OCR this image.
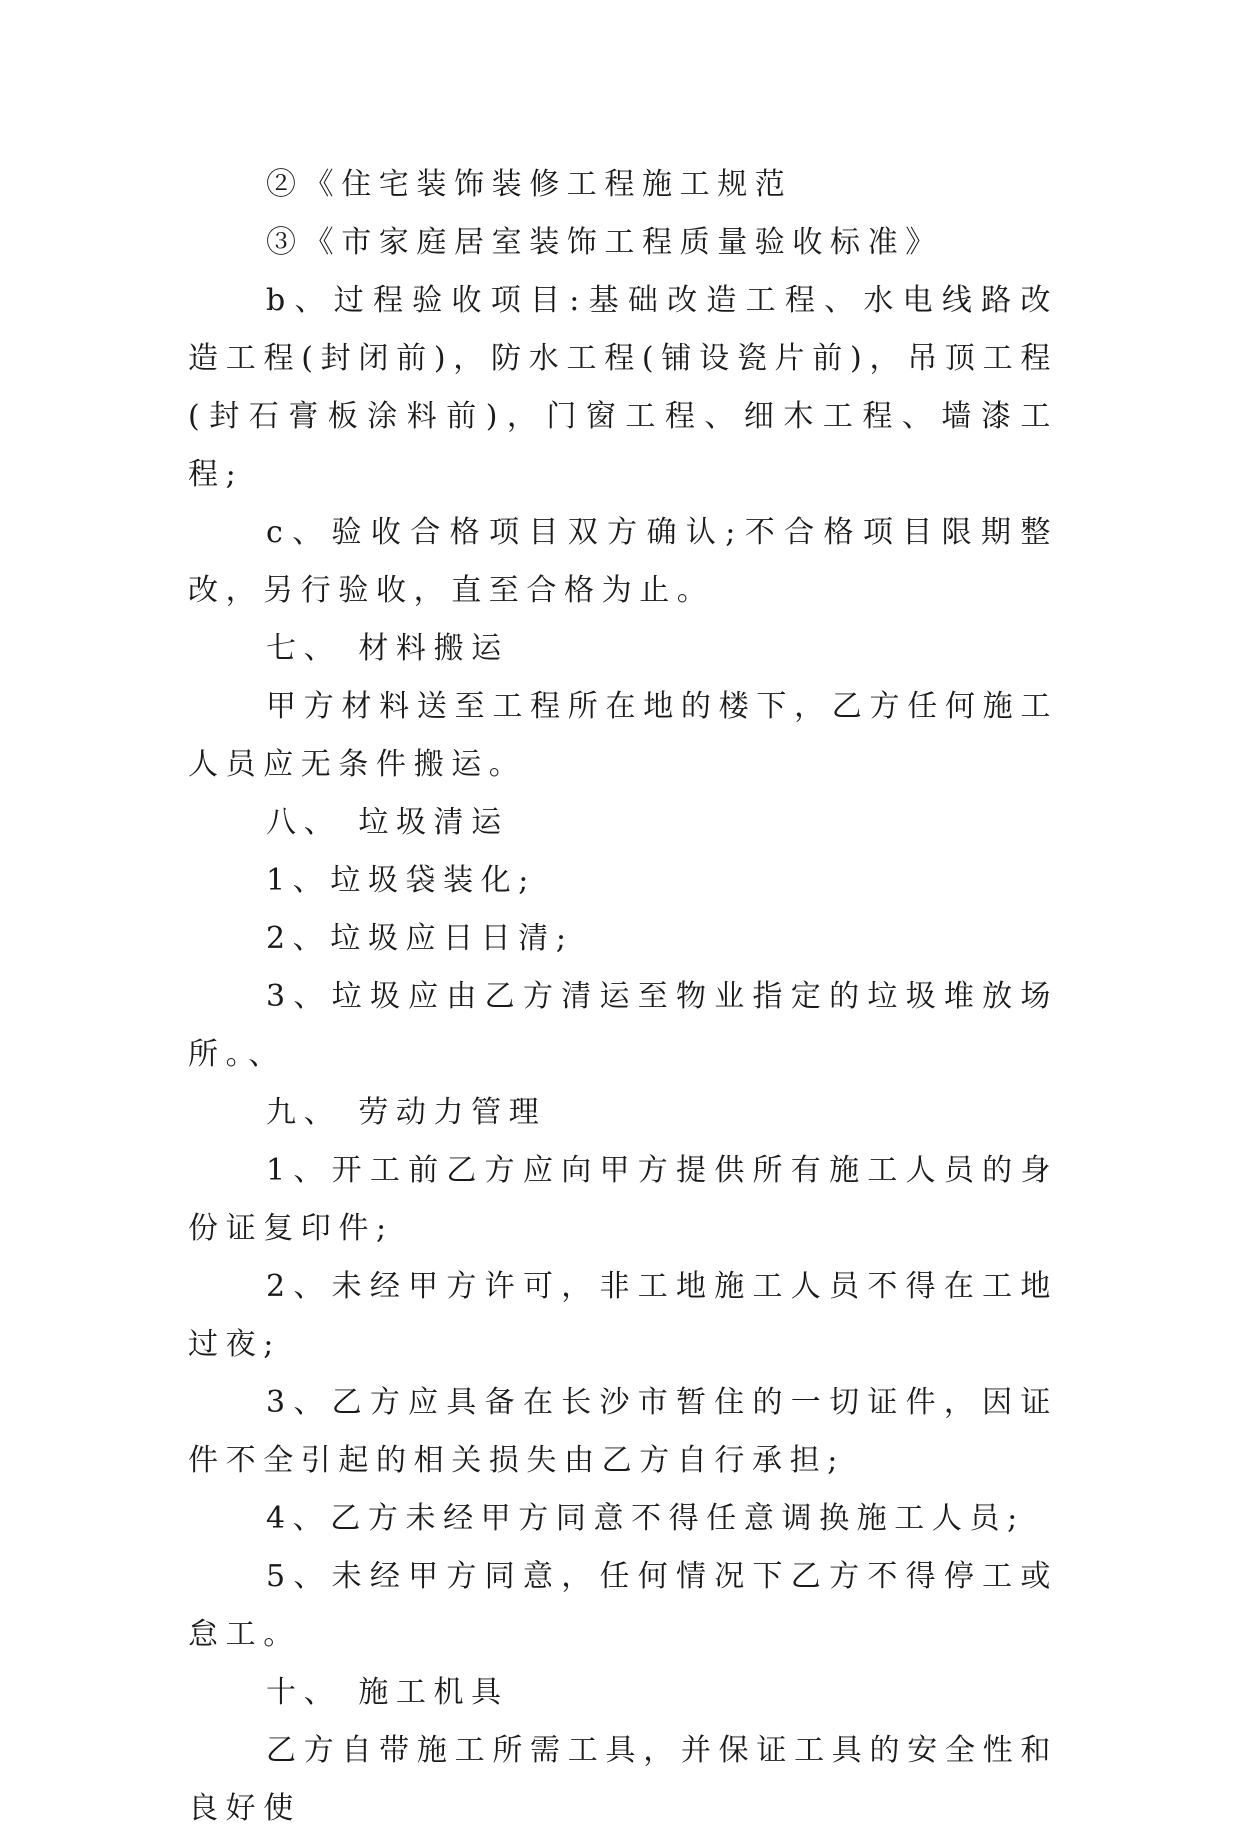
②《住宅装饰装修工程施工规范

③《市家庭居室装饰工程质量验收标准》

b、过程验收项目:基础改造工程、水电线路改造工程(封闭前)，防水工程(铺设瓷片前)，吊顶工程(封石膏板涂料前)，门窗工程、细木工程、墙漆工程;

c、验收合格项目双方确认;不合格项目限期整改，另行验收，直至合格为止。

七、 材料搬运

甲方材料送至工程所在地的楼下，乙方任何施工人员应无条件搬运。

八、 垃圾清运

1、垃圾袋装化;

2、垃圾应日日清;

3、垃圾应由乙方清运至物业指定的垃圾堆放场所。、

九、 劳动力管理

1、开工前乙方应向甲方提供所有施工人员的身份证复印件;

2、未经甲方许可，非工地施工人员不得在工地过夜;

3、乙方应具备在长沙市暂住的一切证件，因证件不全引起的相关损失由乙方自行承担;

4、乙方未经甲方同意不得任意调换施工人员;

5、未经甲方同意，任何情况下乙方不得停工或怠工。

十、 施工机具

乙方自带施工所需工具，并保证工具的安全性和良好使
